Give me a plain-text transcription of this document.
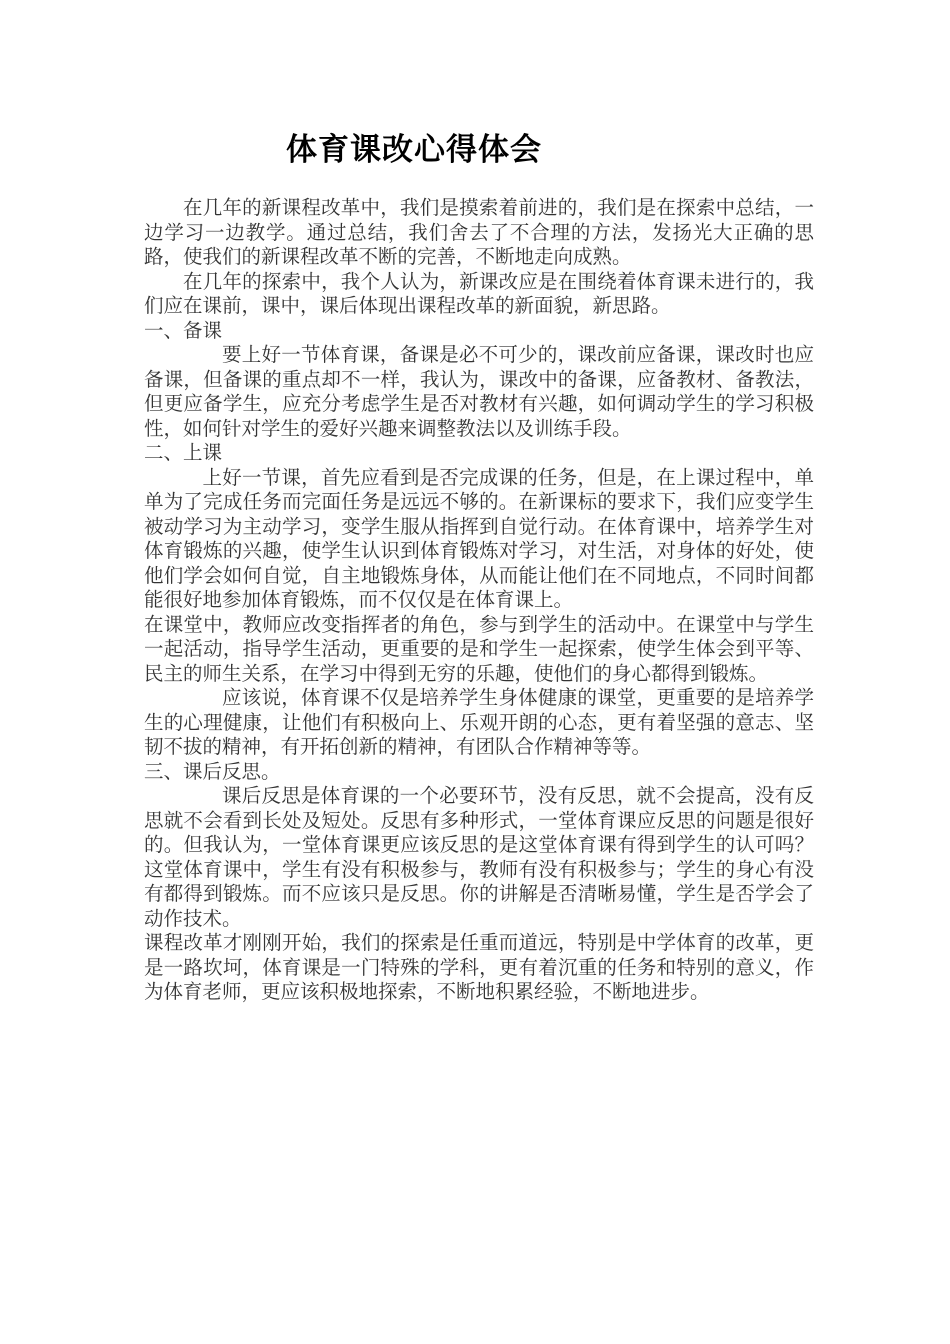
体育课改心得体会

在几年的新课程改革中，我们是摸索着前进的，我们是在探索中总结，一边学习一边教学。通过总结，我们舍去了不合理的方法，发扬光大正确的思路，使我们的新课程改革不断的完善，不断地走向成熟。

在几年的探索中，我个人认为，新课改应是在围绕着体育课未进行的，我们应在课前，课中，课后体现出课程改革的新面貌，新思路。

一、备课

要上好一节体育课，备课是必不可少的，课改前应备课，课改时也应备课，但备课的重点却不一样，我认为，课改中的备课，应备教材、备教法，但更应备学生，应充分考虑学生是否对教材有兴趣，如何调动学生的学习积极性，如何针对学生的爱好兴趣来调整教法以及训练手段。

二、上课

上好一节课，首先应看到是否完成课的任务，但是，在上课过程中，单单为了完成任务而完面任务是远远不够的。在新课标的要求下，我们应变学生被动学习为主动学习，变学生服从指挥到自觉行动。在体育课中，培养学生对体育锻炼的兴趣，使学生认识到体育锻炼对学习，对生活，对身体的好处，使他们学会如何自觉，自主地锻炼身体，从而能让他们在不同地点，不同时间都能很好地参加体育锻炼，而不仅仅是在体育课上。

在课堂中，教师应改变指挥者的角色，参与到学生的活动中。在课堂中与学生一起活动，指导学生活动，更重要的是和学生一起探索，使学生体会到平等、民主的师生关系，在学习中得到无穷的乐趣，使他们的身心都得到锻炼。

应该说，体育课不仅是培养学生身体健康的课堂，更重要的是培养学生的心理健康，让他们有积极向上、乐观开朗的心态，更有着坚强的意志、坚韧不拔的精神，有开拓创新的精神，有团队合作精神等等。

三、课后反思。

课后反思是体育课的一个必要环节，没有反思，就不会提高，没有反思就不会看到长处及短处。反思有多种形式，一堂体育课应反思的问题是很好的。但我认为，一堂体育课更应该反思的是这堂体育课有得到学生的认可吗？这堂体育课中，学生有没有积极参与，教师有没有积极参与；学生的身心有没有都得到锻炼。而不应该只是反思。你的讲解是否清晰易懂，学生是否学会了动作技术。

课程改革才刚刚开始，我们的探索是任重而道远，特别是中学体育的改革，更是一路坎坷，体育课是一门特殊的学科，更有着沉重的任务和特别的意义，作为体育老师，更应该积极地探索，不断地积累经验，不断地进步。
